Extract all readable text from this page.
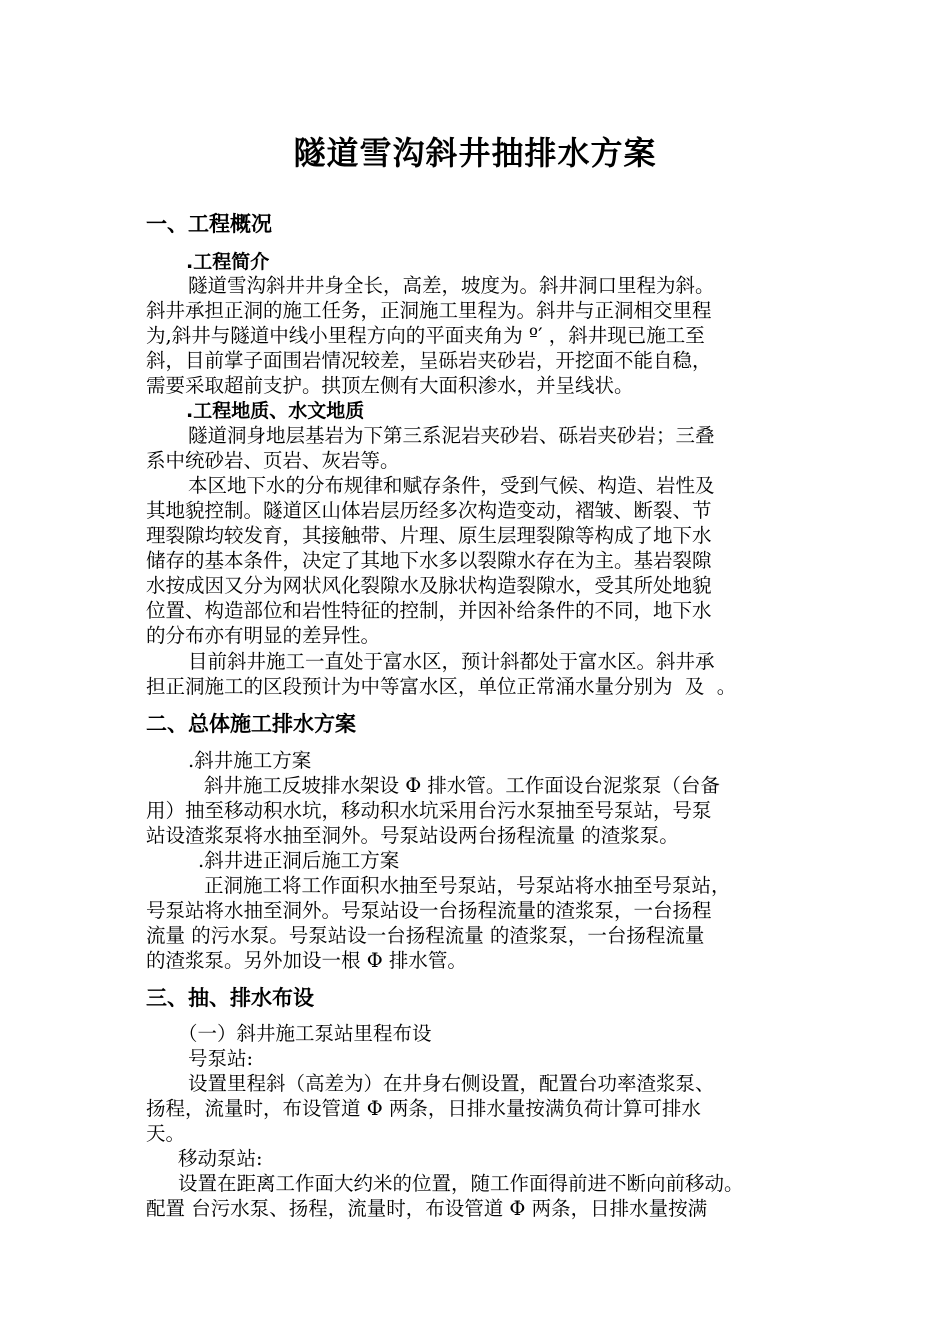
隧道雪沟斜井抽排水方案
一、工程概况
.工程简介
隧道雪沟斜井井身全长，高差，坡度为。斜井洞口里程为斜。
斜井承担正洞的施工任务，正洞施工里程为。斜井与正洞相交里程
为,斜井与隧道中线小里程方向的平面夹角为 º′ ，斜井现已施工至
斜，目前掌子面围岩情况较差，呈砾岩夹砂岩，开挖面不能自稳，
需要采取超前支护。拱顶左侧有大面积渗水，并呈线状。
.工程地质、水文地质
隧道洞身地层基岩为下第三系泥岩夹砂岩、砾岩夹砂岩；三叠
系中统砂岩、页岩、灰岩等。
本区地下水的分布规律和赋存条件，受到气候、构造、岩性及
其地貌控制。隧道区山体岩层历经多次构造变动，褶皱、断裂、节
理裂隙均较发育，其接触带、片理、原生层理裂隙等构成了地下水
储存的基本条件，决定了其地下水多以裂隙水存在为主。基岩裂隙
水按成因又分为网状风化裂隙水及脉状构造裂隙水，受其所处地貌
位置、构造部位和岩性特征的控制，并因补给条件的不同，地下水
的分布亦有明显的差异性。
目前斜井施工一直处于富水区，预计斜都处于富水区。斜井承
担正洞施工的区段预计为中等富水区，单位正常涌水量分别为  及  。
二、总体施工排水方案
.斜井施工方案
斜井施工反坡排水架设 Φ 排水管。工作面设台泥浆泵（台备
用）抽至移动积水坑，移动积水坑采用台污水泵抽至号泵站，号泵
站设渣浆泵将水抽至洞外。号泵站设两台扬程流量 的渣浆泵。
.斜井进正洞后施工方案
正洞施工将工作面积水抽至号泵站，号泵站将水抽至号泵站，
号泵站将水抽至洞外。号泵站设一台扬程流量的渣浆泵，一台扬程
流量 的污水泵。号泵站设一台扬程流量 的渣浆泵，一台扬程流量
的渣浆泵。另外加设一根 Φ 排水管。
三、抽、排水布设
（一）斜井施工泵站里程布设
号泵站:
设置里程斜（高差为）在井身右侧设置，配置台功率渣浆泵、
扬程，流量时，布设管道 Φ 两条，日排水量按满负荷计算可排水
天。
移动泵站:
设置在距离工作面大约米的位置，随工作面得前进不断向前移动。
配置 台污水泵、扬程，流量时，布设管道 Φ 两条，日排水量按满
